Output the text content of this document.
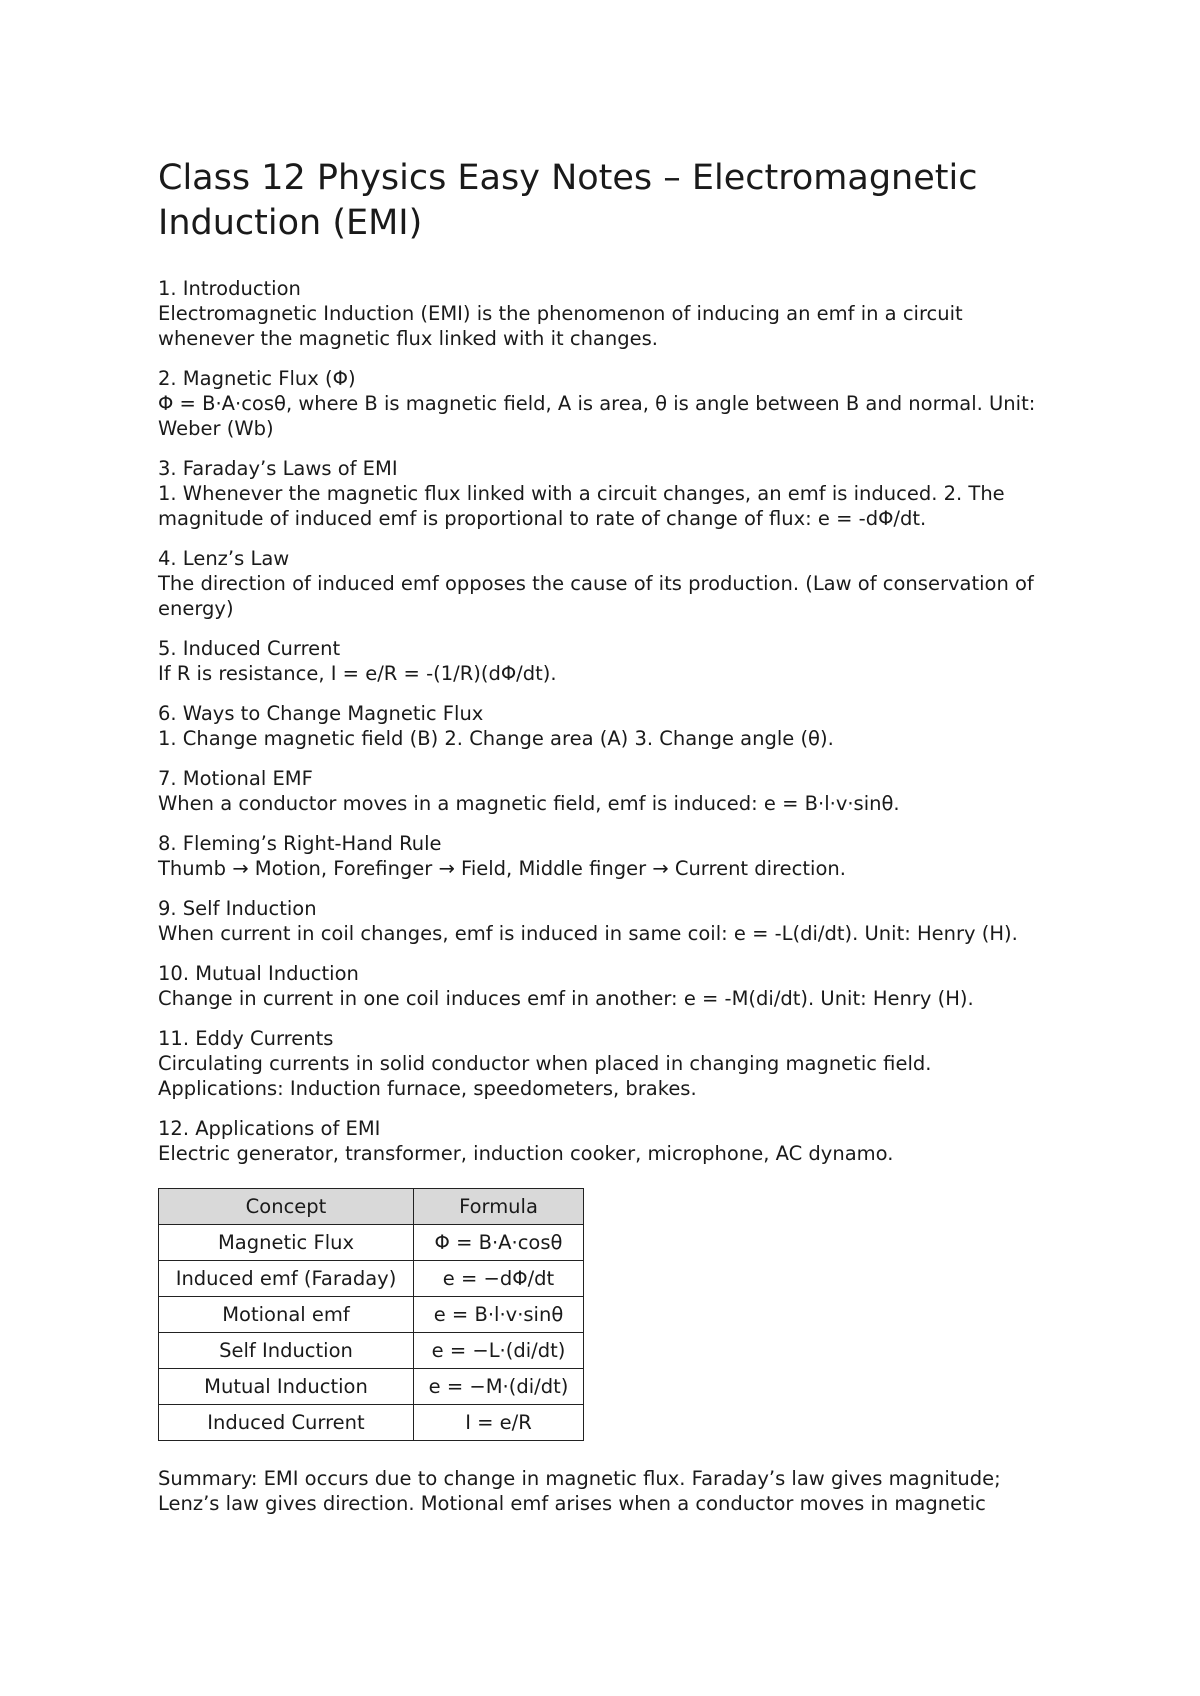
Class 12 Physics Easy Notes – Electromagnetic Induction (EMI)
1. Introduction
Electromagnetic Induction (EMI) is the phenomenon of inducing an emf in a circuit whenever the magnetic flux linked with it changes.
2. Magnetic Flux (Φ)
Φ = B·A·cosθ, where B is magnetic field, A is area, θ is angle between B and normal. Unit: Weber (Wb)
3. Faraday’s Laws of EMI
1. Whenever the magnetic flux linked with a circuit changes, an emf is induced. 2. The magnitude of induced emf is proportional to rate of change of flux: e = -dΦ/dt.
4. Lenz’s Law
The direction of induced emf opposes the cause of its production. (Law of conservation of energy)
5. Induced Current
If R is resistance, I = e/R = -(1/R)(dΦ/dt).
6. Ways to Change Magnetic Flux
1. Change magnetic field (B) 2. Change area (A) 3. Change angle (θ).
7. Motional EMF
When a conductor moves in a magnetic field, emf is induced: e = B·l·v·sinθ.
8. Fleming’s Right-Hand Rule
Thumb → Motion, Forefinger → Field, Middle finger → Current direction.
9. Self Induction
When current in coil changes, emf is induced in same coil: e = -L(di/dt). Unit: Henry (H).
10. Mutual Induction
Change in current in one coil induces emf in another: e = -M(di/dt). Unit: Henry (H).
11. Eddy Currents
Circulating currents in solid conductor when placed in changing magnetic field. Applications: Induction furnace, speedometers, brakes.
12. Applications of EMI
Electric generator, transformer, induction cooker, microphone, AC dynamo.
Concept	Formula
Magnetic Flux	Φ = B·A·cosθ
Induced emf (Faraday)	e = −dΦ/dt
Motional emf	e = B·l·v·sinθ
Self Induction	e = −L·(di/dt)
Mutual Induction	e = −M·(di/dt)
Induced Current	I = e/R
Summary: EMI occurs due to change in magnetic flux. Faraday’s law gives magnitude; Lenz’s law gives direction. Motional emf arises when a conductor moves in magnetic
